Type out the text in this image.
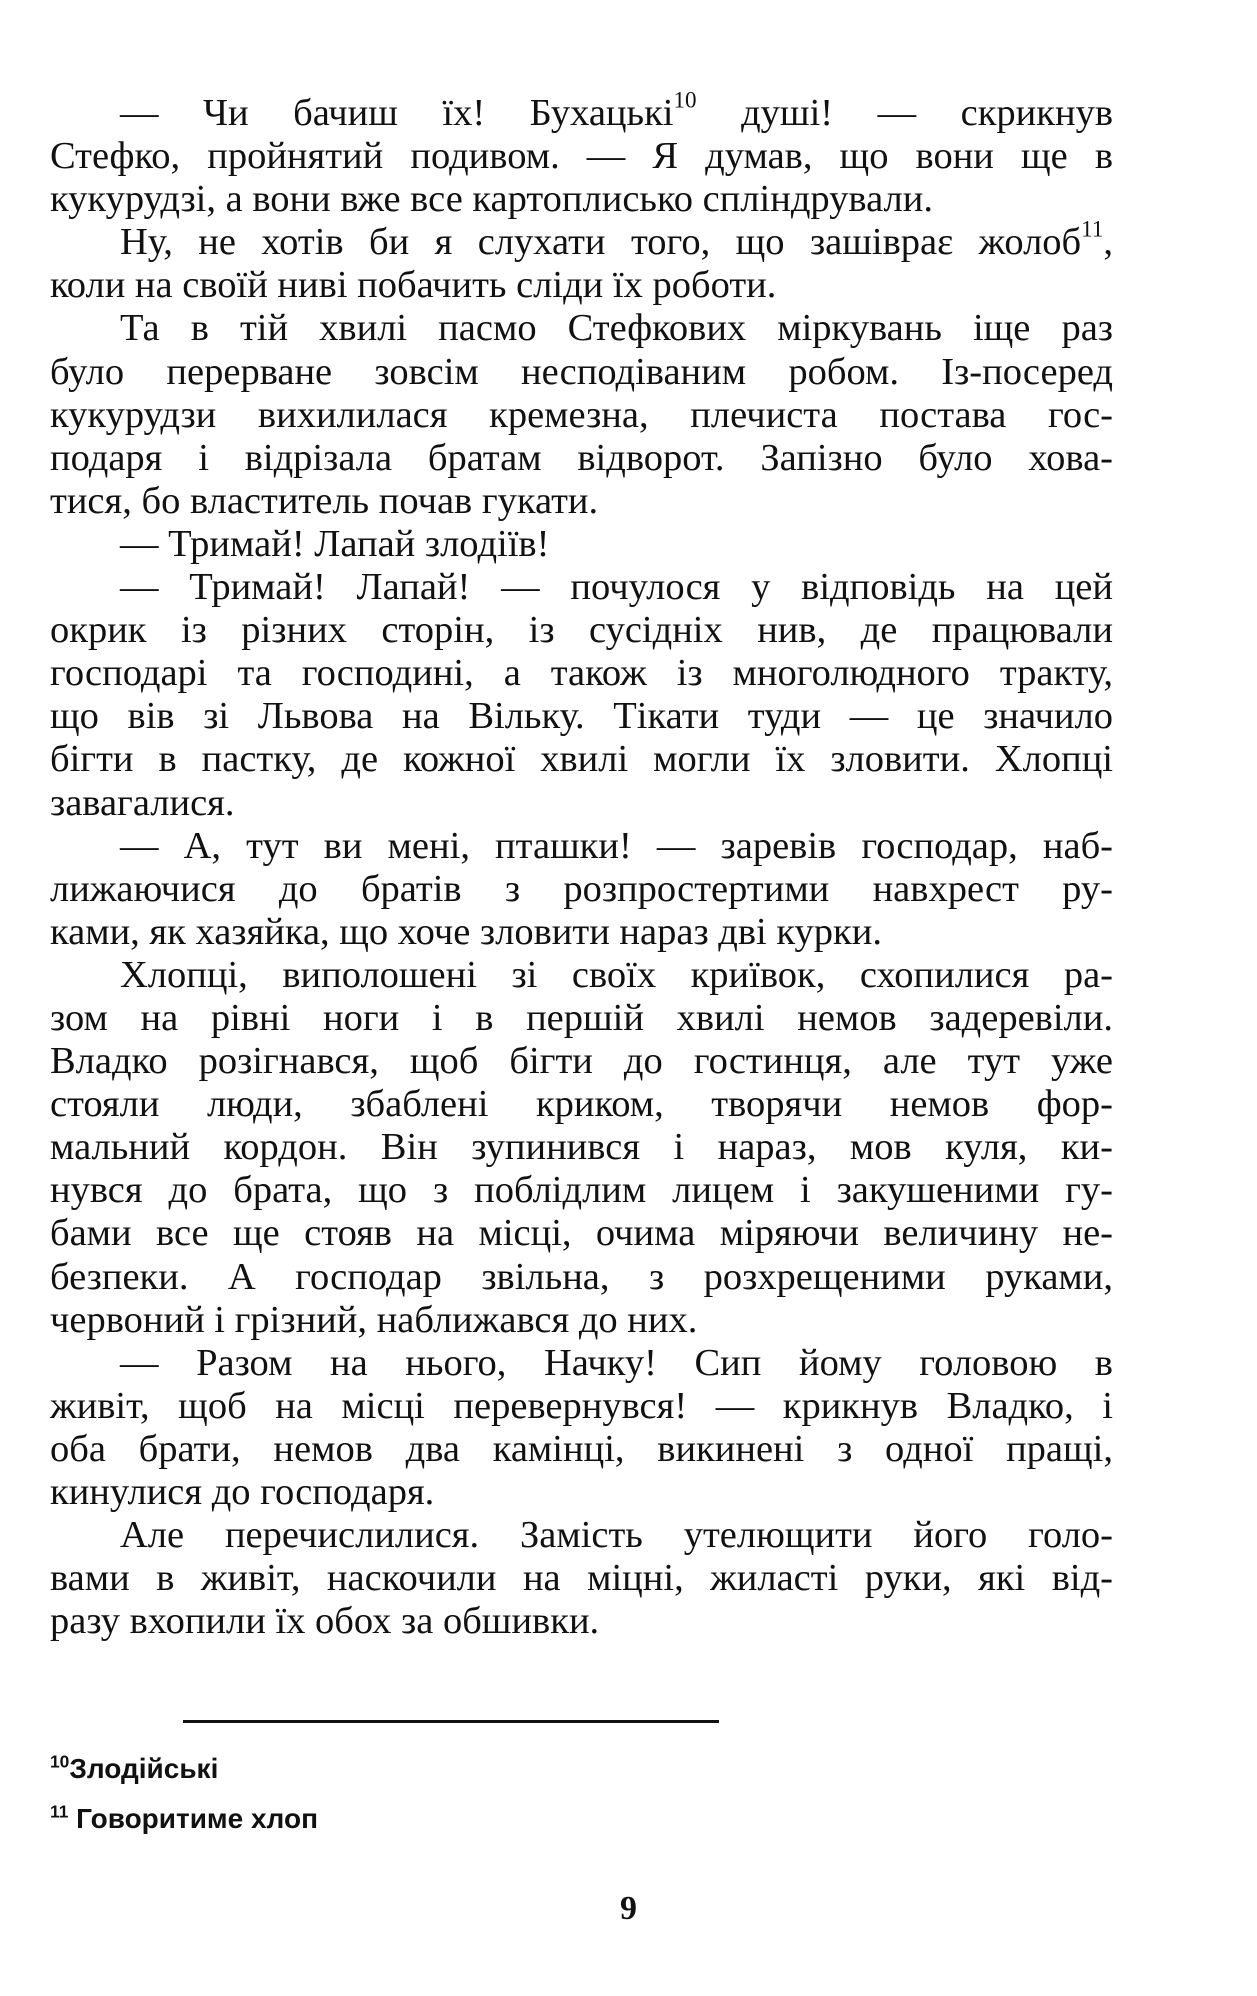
— Чи бачиш їх! Бухацькі$^{10}$ душі! — скрикнув
Стефко, пройнятий подивом. — Я думав, що вони ще в
кукурудзі, а вони вже все картоплисько сплiндрували.
Ну, не хотів би я слухати того, що зашівраε жолоб$^{11}$,
коли на своїй ниві побачить сліди їх роботи.
Та в тій хвилі пасмо Стефкових міркувань іще раз
було перерване зовсім несподіваним робом. Із-посеред
кукурудзи вихилилася кремезна, плечиста постава гос-
подаря і відрізала братам відворот. Запізно було хова-
тися, бо властитель почав гукати.
— Тримай! Лапай злодіїв!
— Тримай! Лапай! — почулося у відповідь на цей
окрик із різних сторін, із сусідніх нив, де працювали
господарі та господині, а також із многолюдного тракту,
що вів зі Львова на Вільку. Тікати туди — це значило
бігти в пастку, де кожної хвилі могли їх зловити. Хлопці
завагалися.
— А, тут ви мені, пташки! — заревів господар, наб-
лижаючися до братів з розпростертими навхрест ру-
ками, як хазяйка, що хоче зловити нараз дві курки.
Хлопці, виполошені зі своїх криївок, схопилися ра-
зом на рівні ноги і в першій хвилі немов задеревіли.
Владко розігнався, щоб бігти до гостинця, але тут уже
стояли люди, збаблені криком, творячи немов фор-
мальний кордон. Він зупинився і нараз, мов куля, ки-
нувся до брата, що з поблідлим лицем і закушеними гу-
бами все ще стояв на місці, очима міряючи величину не-
безпеки. А господар звільна, з розхрещеними руками,
червоний і грізний, наближався до них.
— Разом на нього, Начку! Сип йому головою в
живіт, щоб на місці перевернувся! — крикнув Владко, і
оба брати, немов два камінці, викинені з одної пращі,
кинулися до господаря.
Але перечислилися. Замість утелющити його голо-
вами в живіт, наскочили на міцні, жиласті руки, які від-
разу вхопили їх обох за обшивки.
$^{10}$Злодійські
$^{11}$ Говоритиме хлоп
9
